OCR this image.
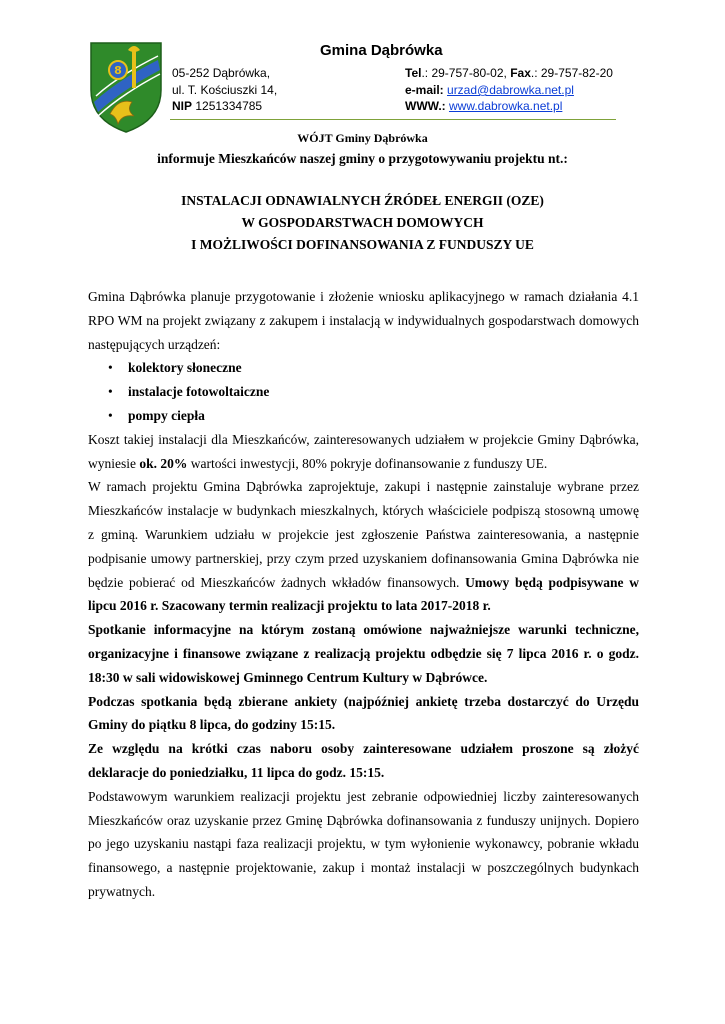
8
Gmina Dąbrówka
05-252 Dąbrówka,
ul. T. Kościuszki 14,
NIP 1251334785
Tel.: 29-757-80-02, Fax.: 29-757-82-20
e-mail: urzad@dabrowka.net.pl
WWW.: www.dabrowka.net.pl
WÓJT Gminy Dąbrówka
informuje Mieszkańców naszej gminy o przygotowywaniu projektu nt.:
INSTALACJI ODNAWIALNYCH ŹRÓDEŁ ENERGII (OZE)
W GOSPODARSTWACH DOMOWYCH
I MOŻLIWOŚCI DOFINANSOWANIA Z FUNDUSZY UE

Gmina Dąbrówka planuje przygotowanie i złożenie wniosku aplikacyjnego w ramach działania 4.1 RPO WM na projekt związany z zakupem i instalacją w indywidualnych gospodarstwach domowych następujących urządzeń:

• kolektory słoneczne
• instalacje fotowoltaiczne
• pompy ciepła

Koszt takiej instalacji dla Mieszkańców, zainteresowanych udziałem w projekcie Gminy Dąbrówka, wyniesie ok. 20% wartości inwestycji, 80% pokryje dofinansowanie z funduszy UE.

W ramach projektu Gmina Dąbrówka zaprojektuje, zakupi i następnie zainstaluje wybrane przez Mieszkańców instalacje w budynkach mieszkalnych, których właściciele podpiszą stosowną umowę z gminą. Warunkiem udziału w projekcie jest zgłoszenie Państwa zainteresowania, a następnie podpisanie umowy partnerskiej, przy czym przed uzyskaniem dofinansowania Gmina Dąbrówka nie będzie pobierać od Mieszkańców żadnych wkładów finansowych. Umowy będą podpisywane w lipcu 2016 r. Szacowany termin realizacji projektu to lata 2017-2018 r.

Spotkanie informacyjne na którym zostaną omówione najważniejsze warunki techniczne, organizacyjne i finansowe związane z realizacją projektu odbędzie się 7 lipca 2016 r. o godz. 18:30 w sali widowiskowej Gminnego Centrum Kultury w Dąbrówce.

Podczas spotkania będą zbierane ankiety (najpóźniej ankietę trzeba dostarczyć do Urzędu Gminy do piątku 8 lipca, do godziny 15:15.

Ze względu na krótki czas naboru osoby zainteresowane udziałem proszone są złożyć deklaracje do poniedziałku, 11 lipca do godz. 15:15.

Podstawowym warunkiem realizacji projektu jest zebranie odpowiedniej liczby zainteresowanych Mieszkańców oraz uzyskanie przez Gminę Dąbrówka dofinansowania z funduszy unijnych. Dopiero po jego uzyskaniu nastąpi faza realizacji projektu, w tym wyłonienie wykonawcy, pobranie wkładu finansowego, a następnie projektowanie, zakup i montaż instalacji w poszczególnych budynkach prywatnych.
